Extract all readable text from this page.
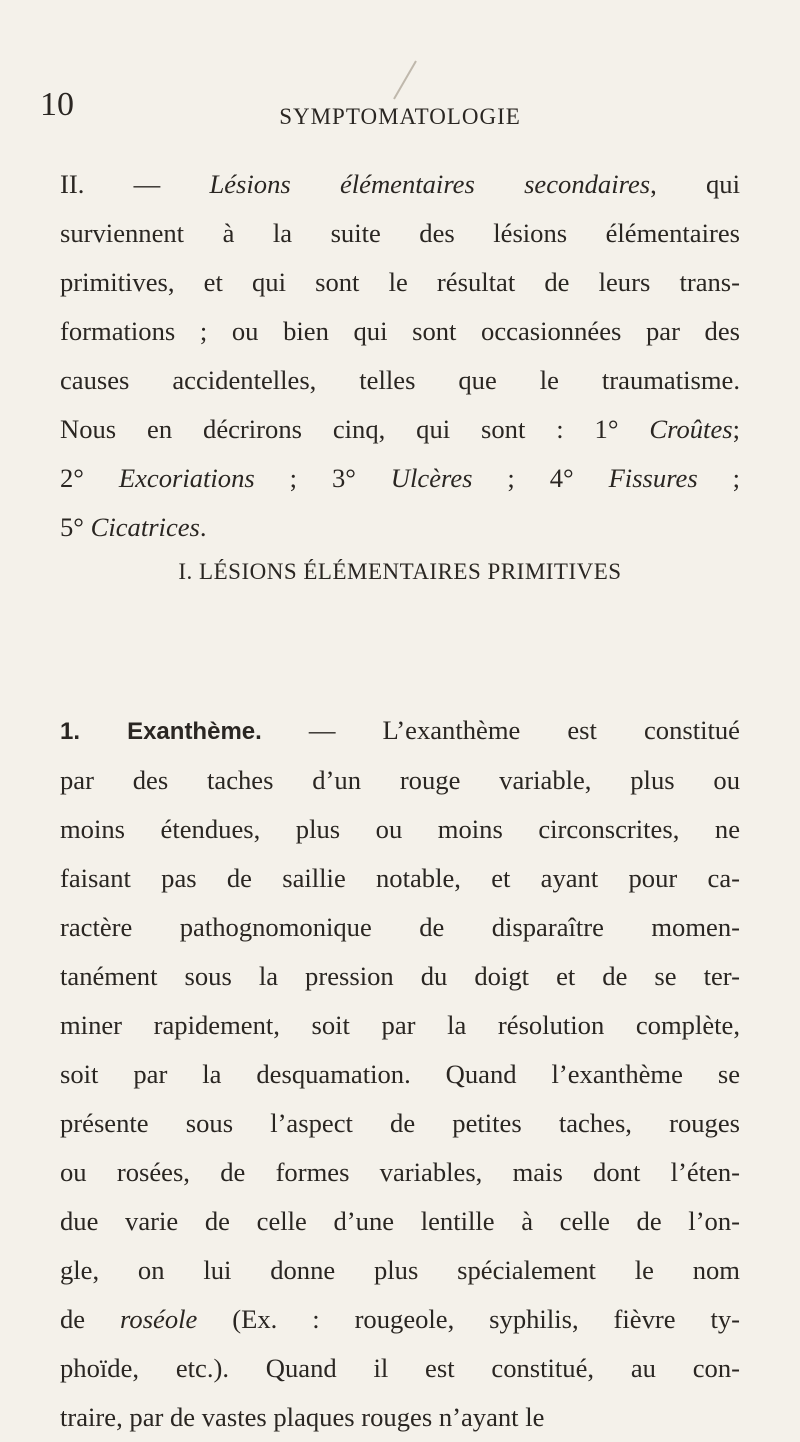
10	SYMPTOMATOLOGIE
II. — Lésions élémentaires secondaires, qui
surviennent à la suite des lésions élémentaires
primitives, et qui sont le résultat de leurs trans-
formations ; ou bien qui sont occasionnées par des
causes accidentelles, telles que le traumatisme.
Nous en décrirons cinq, qui sont : 1° Croûtes;
2° Excoriations ; 3° Ulcères ; 4° Fissures ;
5° Cicatrices.
I. LÉSIONS ÉLÉMENTAIRES PRIMITIVES
1. Exanthème. — L’exanthème est constitué
par des taches d’un rouge variable, plus ou
moins étendues, plus ou moins circonscrites, ne
faisant pas de saillie notable, et ayant pour ca-
ractère pathognomonique de disparaître momen-
tanément sous la pression du doigt et de se ter-
miner rapidement, soit par la résolution complète,
soit par la desquamation. Quand l’exanthème se
présente sous l’aspect de petites taches, rouges
ou rosées, de formes variables, mais dont l’éten-
due varie de celle d’une lentille à celle de l’on-
gle, on lui donne plus spécialement le nom
de roséole (Ex. : rougeole, syphilis, fièvre ty-
phoïde, etc.). Quand il est constitué, au con-
traire, par de vastes plaques rouges n’ayant le
